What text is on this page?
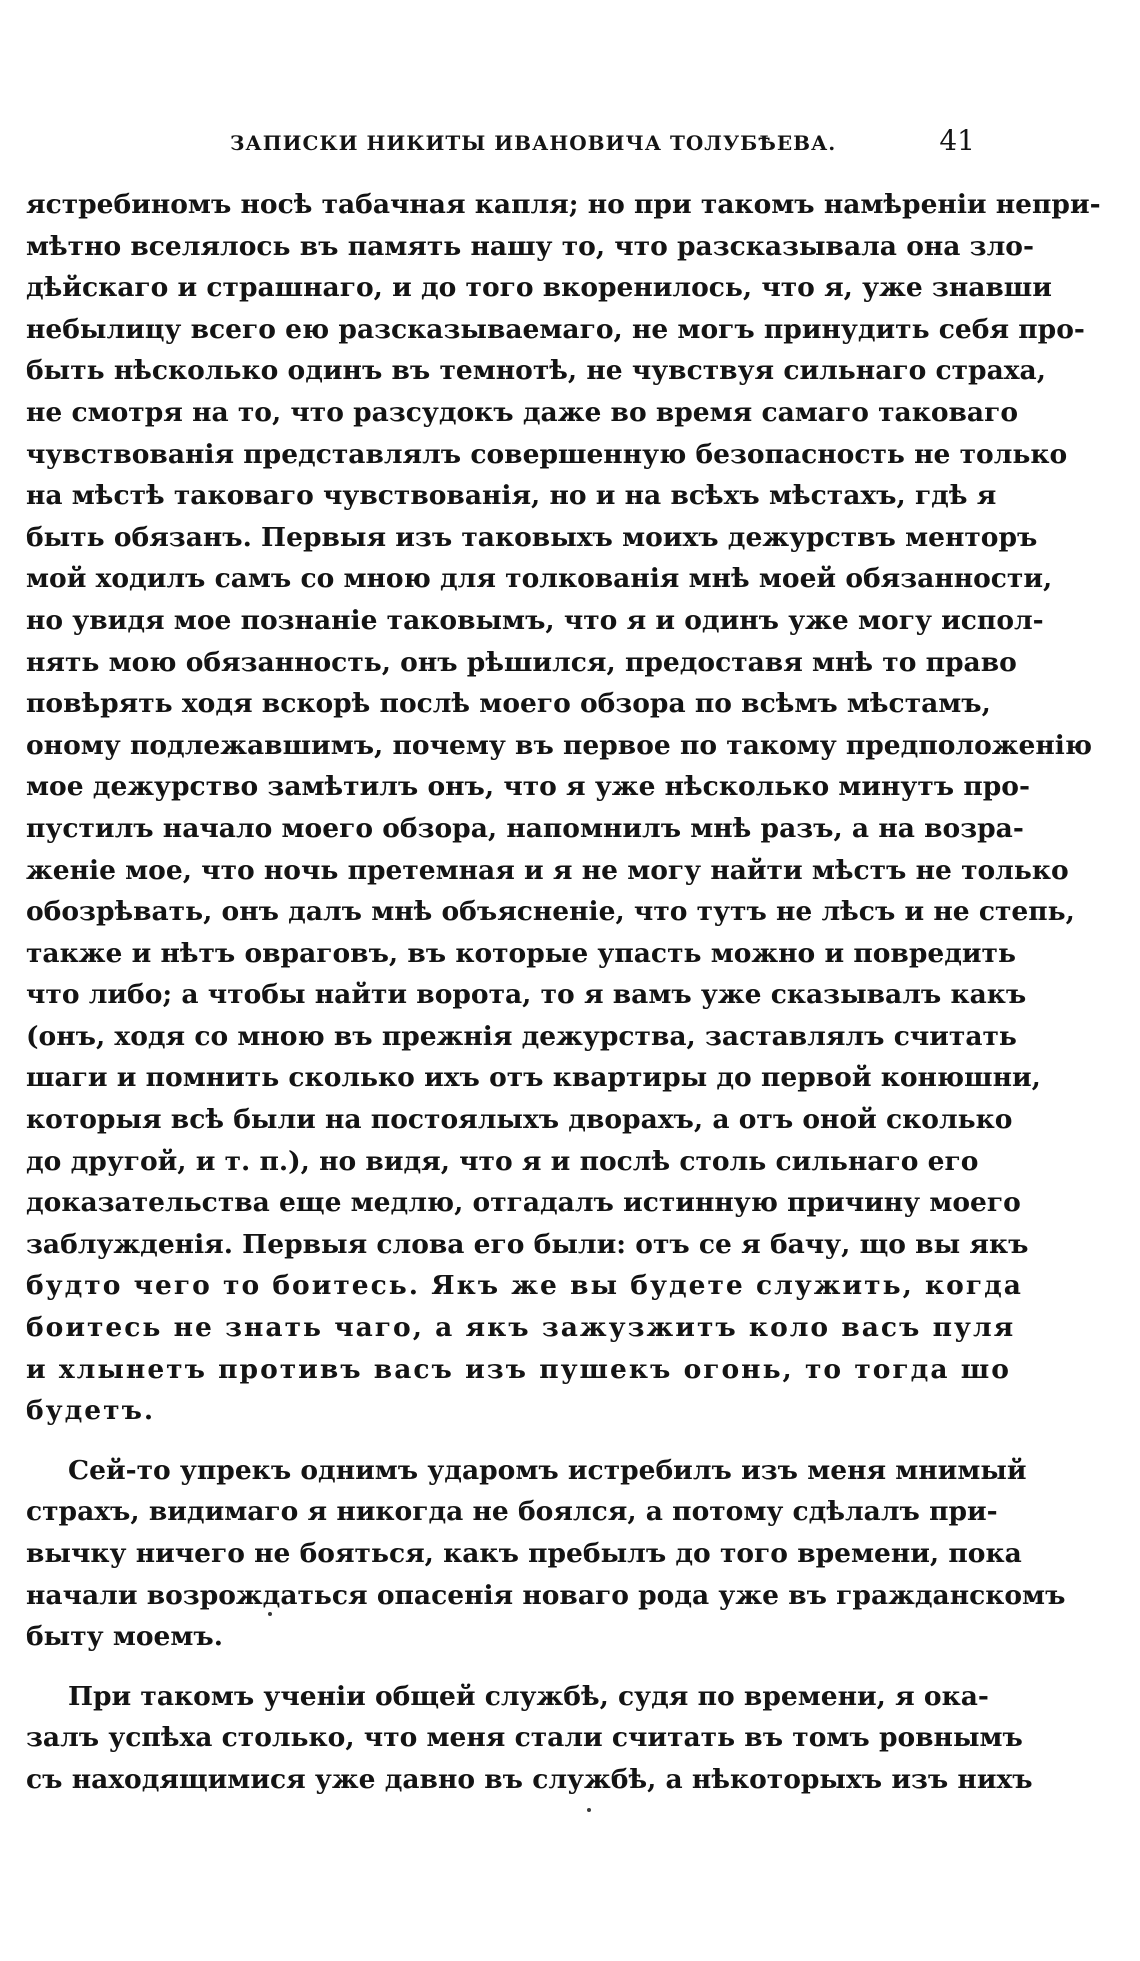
ЗАПИСКИ НИКИТЫ ИВАНОВИЧА ТОЛУБѢЕВА.	41
ястребиномъ носѣ табачная капля; но при такомъ намѣреніи непри-
мѣтно вселялось въ память нашу то, что разсказывала она зло-
дѣйскаго и страшнаго, и до того вкоренилось, что я, уже знавши
небылицу всего ею разсказываемаго, не могъ принудить себя про-
быть нѣсколько одинъ въ темнотѣ, не чувствуя сильнаго страха,
не смотря на то, что разсудокъ даже во время самаго таковаго
чувствованія представлялъ совершенную безопасность не только
на мѣстѣ таковаго чувствованія, но и на всѣхъ мѣстахъ, гдѣ я
быть обязанъ. Первыя изъ таковыхъ моихъ дежурствъ менторъ
мой ходилъ самъ со мною для толкованія мнѣ моей обязанности,
но увидя мое познаніе таковымъ, что я и одинъ уже могу испол-
нять мою обязанность, онъ рѣшился, предоставя мнѣ то право
повѣрять ходя вскорѣ послѣ моего обзора по всѣмъ мѣстамъ,
оному подлежавшимъ, почему въ первое по такому предположенію
мое дежурство замѣтилъ онъ, что я уже нѣсколько минутъ про-
пустилъ начало моего обзора, напомнилъ мнѣ разъ, а на возра-
женіе мое, что ночь претемная и я не могу найти мѣстъ не только
обозрѣвать, онъ далъ мнѣ объясненіе, что тутъ не лѣсъ и не степь,
также и нѣтъ овраговъ, въ которые упасть можно и повредить
что либо; а чтобы найти ворота, то я вамъ уже сказывалъ какъ
(онъ, ходя со мною въ прежнія дежурства, заставлялъ считать
шаги и помнить сколько ихъ отъ квартиры до первой конюшни,
которыя всѣ были на постоялыхъ дворахъ, а отъ оной сколько
до другой, и т. п.), но видя, что я и послѣ столь сильнаго его
доказательства еще медлю, отгадалъ истинную причину моего
заблужденія. Первыя слова его были: отъ се я бачу, що вы якъ
будто чего то боитесь. Якъ же вы будете служить, когда
боитесь не знать чаго, а якъ зажузжитъ коло васъ пуля
и хлынетъ противъ васъ изъ пушекъ огонь, то тогда шо
будетъ.
Сей-то упрекъ однимъ ударомъ истребилъ изъ меня мнимый
страхъ, видимаго я никогда не боялся, а потому сдѣлалъ при-
вычку ничего не бояться, какъ пребылъ до того времени, пока
начали возрождаться опасенія новаго рода уже въ гражданскомъ
быту моемъ.
При такомъ ученіи общей службѣ, судя по времени, я ока-
залъ успѣха столько, что меня стали считать въ томъ ровнымъ
съ находящимися уже давно въ службѣ, а нѣкоторыхъ изъ нихъ
